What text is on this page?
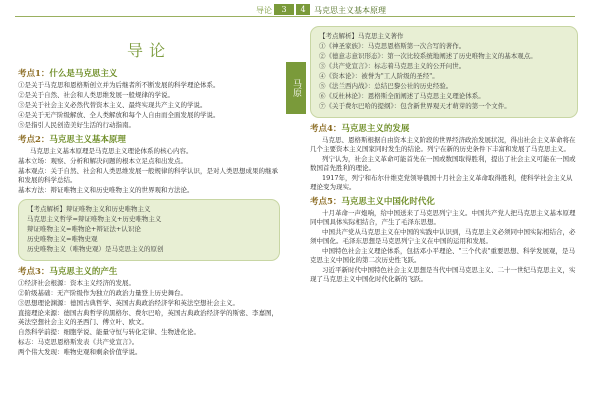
导论	3	4	马克思主义基本原理
马原
导论
考点1：什么是马克思主义
①是关于马克思和恩格斯创立并为后继者所不断发展的科学理论体系。
②是关于自然、社会和人类思维发展一般规律的学说。
③是关于社会主义必然代替资本主义、最终实现共产主义的学说。
④是关于无产阶级解放、全人类解放和每个人自由而全面发展的学说。
⑤是指引人民创造美好生活的行动指南。
考点2：马克思主义基本原理
马克思主义基本原理是马克思主义理论体系的核心内容。
基本立场：观察、分析和解决问题的根本立足点和出发点。
基本观点：关于自然、社会和人类思维发展一般规律的科学认识，是对人类思想成果的继承和发展的科学总结。
基本方法：辩证唯物主义和历史唯物主义的世界观和方法论。
【考点解析】辩证唯物主义和历史唯物主义
马克思主义哲学=辩证唯物主义+历史唯物主义
辩证唯物主义=唯物论+辩证法+认识论
历史唯物主义=唯物史观
历史唯物主义（唯物史观）是马克思主义的原创
考点3：马克思主义的产生
①经济社会根源：资本主义经济的发展。
②阶级基础：无产阶级作为独立的政治力量登上历史舞台。
③思想理论渊源：德国古典哲学、英国古典政治经济学和英法空想社会主义。
直接理论来源：德国古典哲学的黑格尔、费尔巴哈，英国古典政治经济学的斯密、李嘉图，英法空想社会主义的圣西门、傅立叶、欧文。
自然科学前提：细胞学说、能量守恒与转化定律、生物进化论。
标志：马克思恩格斯发表《共产党宣言》。
两个伟大发现：唯物史观和剩余价值学说。
【考点解析】马克思主义著作
①《神圣家族》：马克思恩格斯第一次合写的著作。
②《德意志意识形态》：第一次比较系统地阐述了历史唯物主义的基本观点。
③《共产党宣言》：标志着马克思主义的公开问世。
④《资本论》：被誉为"工人阶级的圣经"。
⑤《法兰西内战》：总结巴黎公社的历史经验。
⑥《反杜林论》：恩格斯全面阐述了马克思主义理论体系。
⑦《关于费尔巴哈的提纲》：包含新世界观天才萌芽的第一个文件。
考点4：马克思主义的发展
马克思、恩格斯根据自由资本主义阶段的世界经济政治发展状况，得出社会主义革命将在几个主要资本主义国家同时发生的结论。列宁在新的历史条件下丰富和发展了马克思主义。
列宁认为，社会主义革命可能首先在一国或数国取得胜利，提出了社会主义可能在一国或数国首先胜利的理论。
1917年，列宁和布尔什维克党领导俄国十月社会主义革命取得胜利，使科学社会主义从理论变为现实。
考点5：马克思主义中国化时代化
十月革命一声炮响，给中国送来了马克思列宁主义。中国共产党人把马克思主义基本原理同中国具体实际相结合，产生了毛泽东思想。
中国共产党从马克思主义在中国的实践中认识到，马克思主义必须同中国实际相结合，必须中国化。毛泽东思想是马克思列宁主义在中国的运用和发展。
中国特色社会主义理论体系，包括邓小平理论、"三个代表"重要思想、科学发展观，是马克思主义中国化的第二次历史性飞跃。
习近平新时代中国特色社会主义思想是当代中国马克思主义、二十一世纪马克思主义，实现了马克思主义中国化时代化新的飞跃。
